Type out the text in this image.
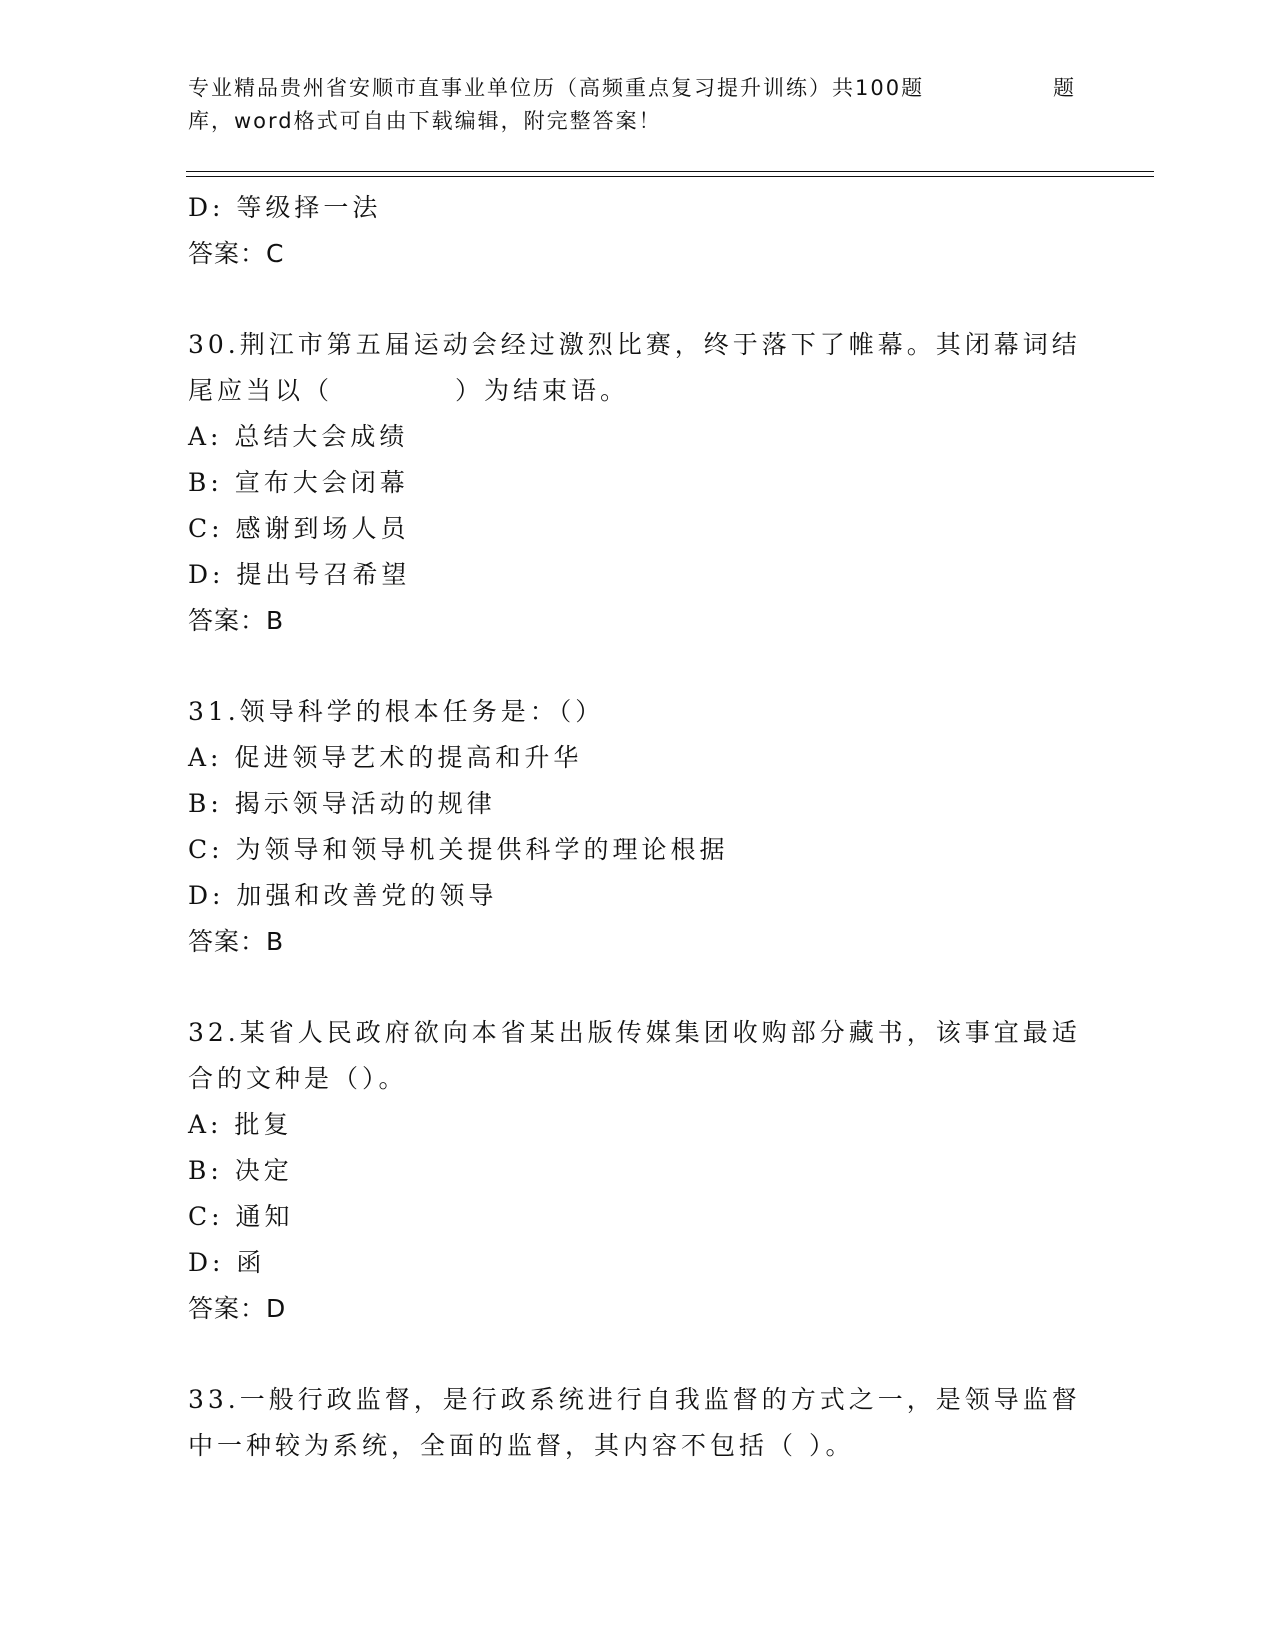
专业精品贵州省安顺市直事业单位历（高频重点复习提升训练）共100题	题
库，word格式可自由下载编辑，附完整答案！
D: 等级择一法
答案：C
30.荆江市第五届运动会经过激烈比赛，终于落下了帷幕。其闭幕词结
尾应当以（	）为结束语。
A: 总结大会成绩
B: 宣布大会闭幕
C: 感谢到场人员
D: 提出号召希望
答案：B
31.领导科学的根本任务是：（）
A: 促进领导艺术的提高和升华
B: 揭示领导活动的规律
C: 为领导和领导机关提供科学的理论根据
D: 加强和改善党的领导
答案：B
32.某省人民政府欲向本省某出版传媒集团收购部分藏书，该事宜最适
合的文种是（）。
A: 批复
B: 决定
C: 通知
D: 函
答案：D
33.一般行政监督，是行政系统进行自我监督的方式之一，是领导监督
中一种较为系统，全面的监督，其内容不包括（ ）。
